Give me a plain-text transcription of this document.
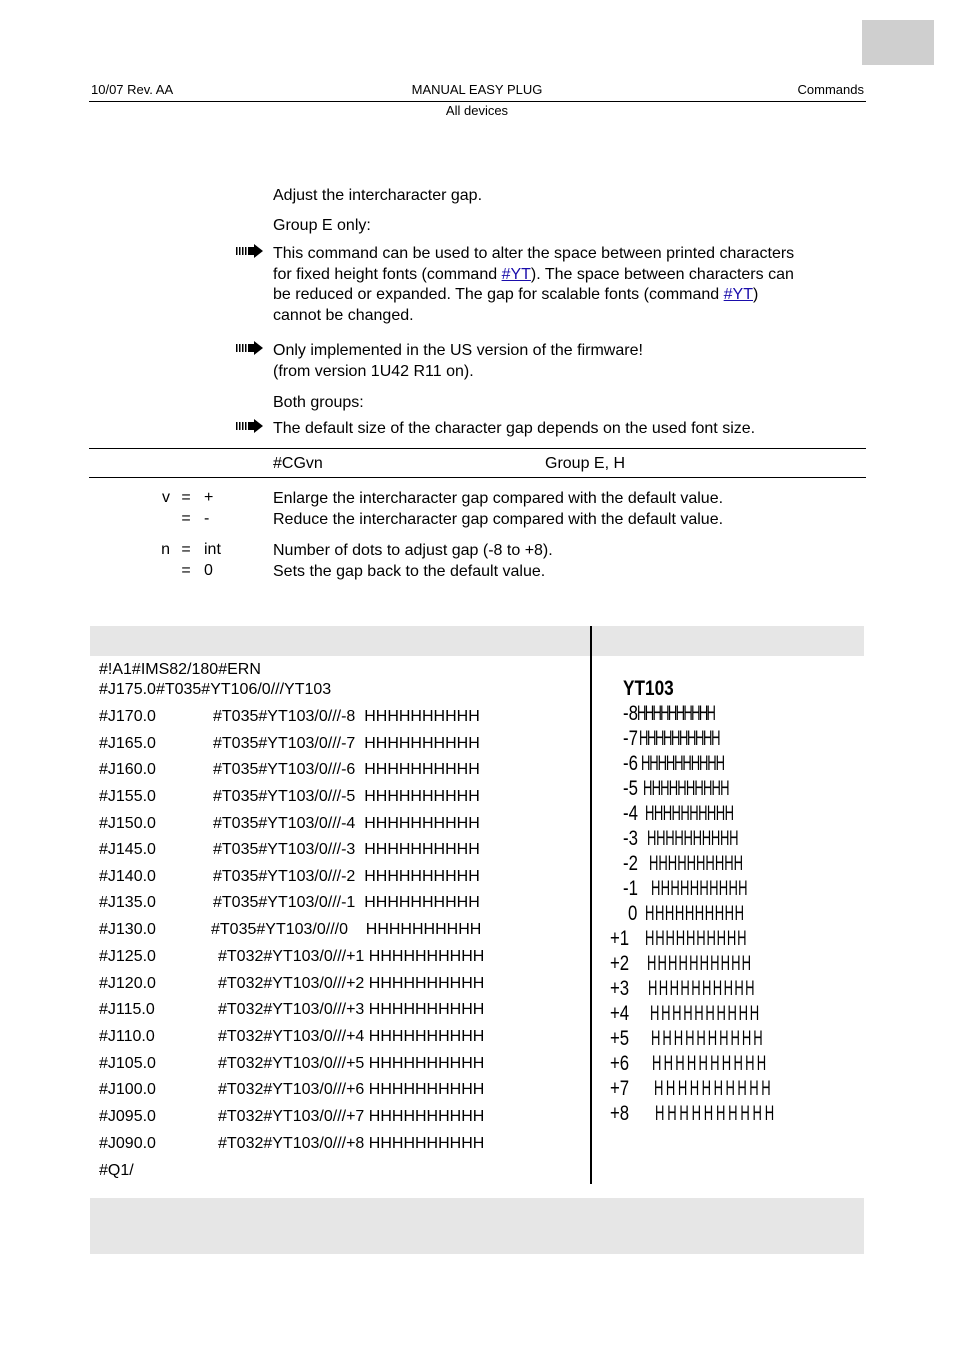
10/07 Rev. AA	MANUAL EASY PLUG	Commands
All devices
Adjust the intercharacter gap.
Group E only:
This command can be used to alter the space between printed characters
for fixed height fonts (command #YT). The space between characters can
be reduced or expanded. The gap for scalable fonts (command #YT)
cannot be changed.
Only implemented in the US version of the firmware!
(from version 1U42 R11 on).
Both groups:
The default size of the character gap depends on the used font size.
#CGvn	Group E, H
v = +	Enlarge the intercharacter gap compared with the default value.
= -	Reduce the intercharacter gap compared with the default value.
n = int	Number of dots to adjust gap (-8 to +8).
= 0	Sets the gap back to the default value.
#!A1#IMS82/180#ERN
#J175.0#T035#YT106/0///YT103
#J170.0	#T035#YT103/0///-8  HHHHHHHHHH
#J165.0	#T035#YT103/0///-7  HHHHHHHHHH
#J160.0	#T035#YT103/0///-6  HHHHHHHHHH
#J155.0	#T035#YT103/0///-5  HHHHHHHHHH
#J150.0	#T035#YT103/0///-4  HHHHHHHHHH
#J145.0	#T035#YT103/0///-3  HHHHHHHHHH
#J140.0	#T035#YT103/0///-2  HHHHHHHHHH
#J135.0	#T035#YT103/0///-1  HHHHHHHHHH
#J130.0	#T035#YT103/0///0    HHHHHHHHHH
#J125.0	#T032#YT103/0///+1 HHHHHHHHHH
#J120.0	#T032#YT103/0///+2 HHHHHHHHHH
#J115.0	#T032#YT103/0///+3 HHHHHHHHHH
#J110.0	#T032#YT103/0///+4 HHHHHHHHHH
#J105.0	#T032#YT103/0///+5 HHHHHHHHHH
#J100.0	#T032#YT103/0///+6 HHHHHHHHHH
#J095.0	#T032#YT103/0///+7 HHHHHHHHHH
#J090.0	#T032#YT103/0///+8 HHHHHHHHHH
#Q1/
YT103
-8 HHHHHHHHHH
-7 HHHHHHHHHH
-6 HHHHHHHHHH
-5 HHHHHHHHHH
-4 HHHHHHHHHH
-3 HHHHHHHHHH
-2 HHHHHHHHHH
-1 HHHHHHHHHH
0 HHHHHHHHHH
+1 HHHHHHHHHH
+2 HHHHHHHHHH
+3 HHHHHHHHHH
+4 HHHHHHHHHH
+5 HHHHHHHHHH
+6 HHHHHHHHHH
+7 HHHHHHHHHH
+8 HHHHHHHHHH
